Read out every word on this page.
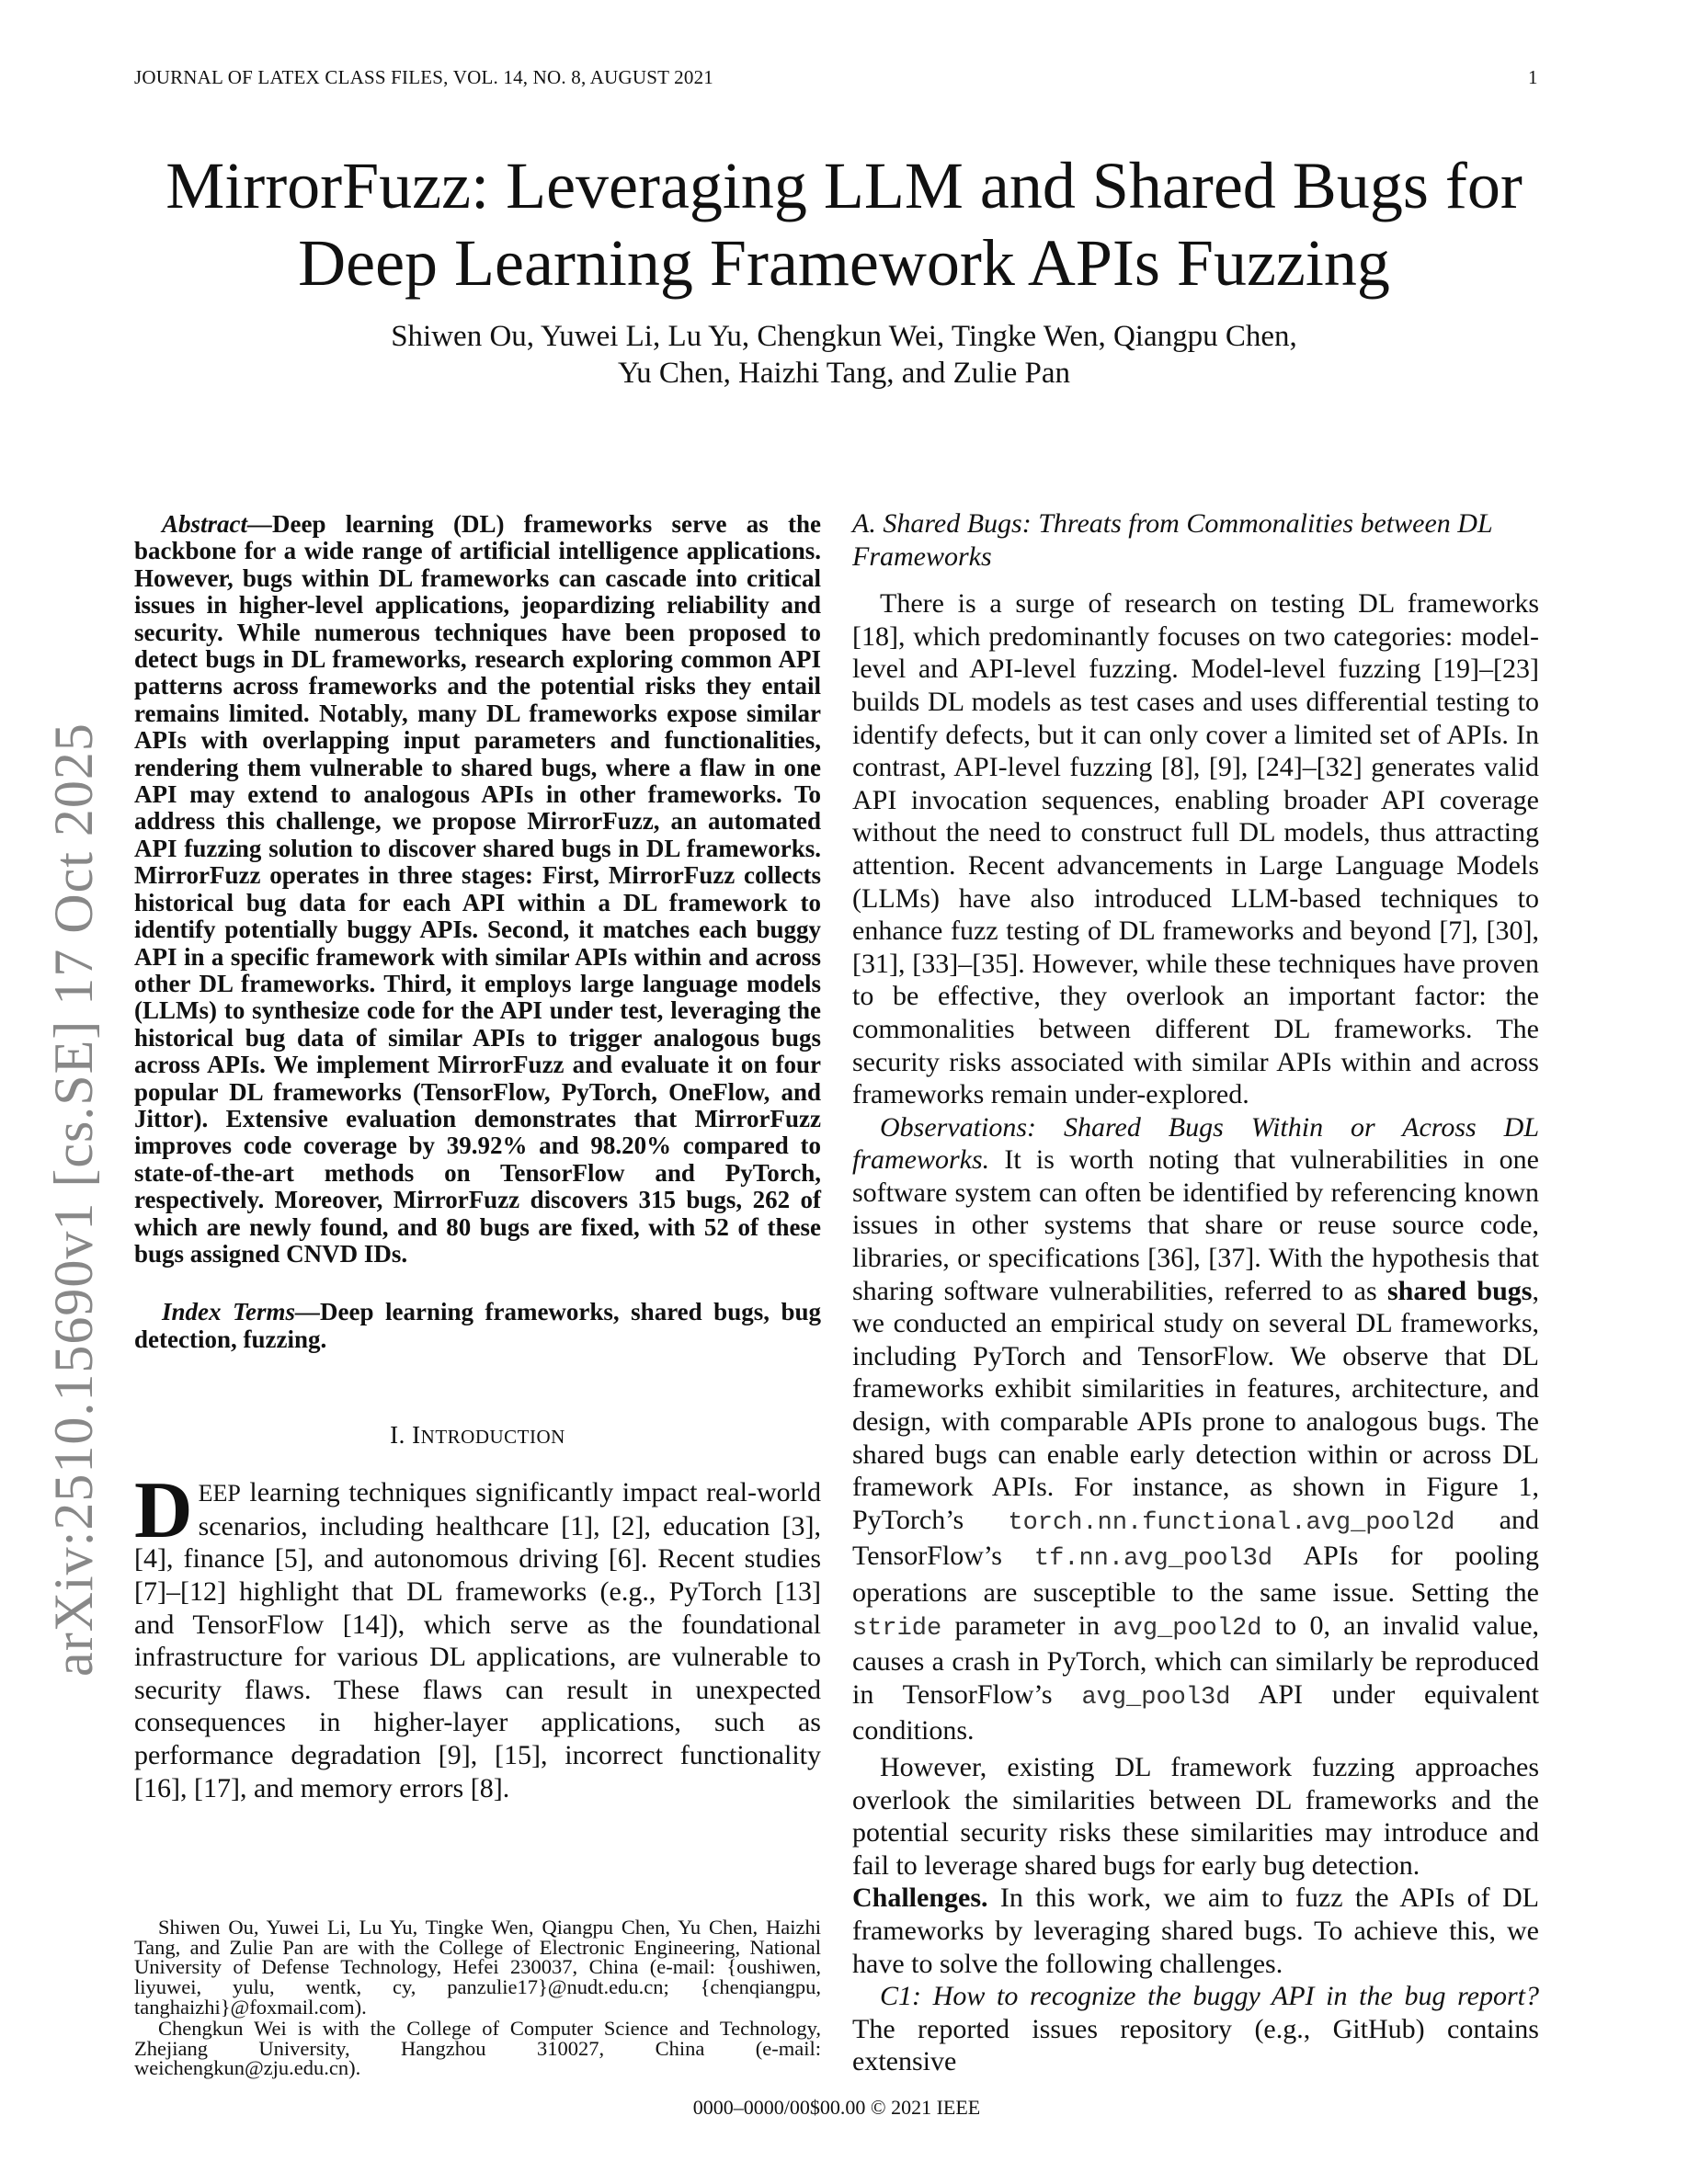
JOURNAL OF LATEX CLASS FILES, VOL. 14, NO. 8, AUGUST 2021	1
arXiv:2510.15690v1 [cs.SE] 17 Oct 2025
MirrorFuzz: Leveraging LLM and Shared Bugs for
Deep Learning Framework APIs Fuzzing
Shiwen Ou, Yuwei Li, Lu Yu, Chengkun Wei, Tingke Wen, Qiangpu Chen,
Yu Chen, Haizhi Tang, and Zulie Pan
Abstract—Deep learning (DL) frameworks serve as the backbone for a wide range of artificial intelligence applications. However, bugs within DL frameworks can cascade into critical issues in higher-level applications, jeopardizing reliability and security. While numerous techniques have been proposed to detect bugs in DL frameworks, research exploring common API patterns across frameworks and the potential risks they entail remains limited. Notably, many DL frameworks expose similar APIs with overlapping input parameters and functionalities, rendering them vulnerable to shared bugs, where a flaw in one API may extend to analogous APIs in other frameworks. To address this challenge, we propose MirrorFuzz, an automated API fuzzing solution to discover shared bugs in DL frameworks. MirrorFuzz operates in three stages: First, MirrorFuzz collects historical bug data for each API within a DL framework to identify potentially buggy APIs. Second, it matches each buggy API in a specific framework with similar APIs within and across other DL frameworks. Third, it employs large language models (LLMs) to synthesize code for the API under test, leveraging the historical bug data of similar APIs to trigger analogous bugs across APIs. We implement MirrorFuzz and evaluate it on four popular DL frameworks (TensorFlow, PyTorch, OneFlow, and Jittor). Extensive evaluation demonstrates that MirrorFuzz improves code coverage by 39.92% and 98.20% compared to state-of-the-art methods on TensorFlow and PyTorch, respectively. Moreover, MirrorFuzz discovers 315 bugs, 262 of which are newly found, and 80 bugs are fixed, with 52 of these bugs assigned CNVD IDs.
Index Terms—Deep learning frameworks, shared bugs, bug detection, fuzzing.
I. INTRODUCTION
DEEP learning techniques significantly impact real-world scenarios, including healthcare [1], [2], education [3], [4], finance [5], and autonomous driving [6]. Recent studies [7]–[12] highlight that DL frameworks (e.g., PyTorch [13] and TensorFlow [14]), which serve as the foundational infrastructure for various DL applications, are vulnerable to security flaws. These flaws can result in unexpected consequences in higher-layer applications, such as performance degradation [9], [15], incorrect functionality [16], [17], and memory errors [8].
Shiwen Ou, Yuwei Li, Lu Yu, Tingke Wen, Qiangpu Chen, Yu Chen, Haizhi Tang, and Zulie Pan are with the College of Electronic Engineering, National University of Defense Technology, Hefei 230037, China (e-mail: {oushiwen, liyuwei, yulu, wentk, cy, panzulie17}@nudt.edu.cn; {chenqiangpu, tanghaizhi}@foxmail.com).
Chengkun Wei is with the College of Computer Science and Technology, Zhejiang University, Hangzhou 310027, China (e-mail: weichengkun@zju.edu.cn).
A. Shared Bugs: Threats from Commonalities between DL Frameworks
There is a surge of research on testing DL frameworks [18], which predominantly focuses on two categories: model-level and API-level fuzzing. Model-level fuzzing [19]–[23] builds DL models as test cases and uses differential testing to identify defects, but it can only cover a limited set of APIs. In contrast, API-level fuzzing [8], [9], [24]–[32] generates valid API invocation sequences, enabling broader API coverage without the need to construct full DL models, thus attracting attention. Recent advancements in Large Language Models (LLMs) have also introduced LLM-based techniques to enhance fuzz testing of DL frameworks and beyond [7], [30], [31], [33]–[35]. However, while these techniques have proven to be effective, they overlook an important factor: the commonalities between different DL frameworks. The security risks associated with similar APIs within and across frameworks remain under-explored.
Observations: Shared Bugs Within or Across DL frameworks. It is worth noting that vulnerabilities in one software system can often be identified by referencing known issues in other systems that share or reuse source code, libraries, or specifications [36], [37]. With the hypothesis that sharing software vulnerabilities, referred to as shared bugs, we conducted an empirical study on several DL frameworks, including PyTorch and TensorFlow. We observe that DL frameworks exhibit similarities in features, architecture, and design, with comparable APIs prone to analogous bugs. The shared bugs can enable early detection within or across DL framework APIs. For instance, as shown in Figure 1, PyTorch’s torch.nn.functional.avg_pool2d and TensorFlow’s tf.nn.avg_pool3d APIs for pooling operations are susceptible to the same issue. Setting the stride parameter in avg_pool2d to 0, an invalid value, causes a crash in PyTorch, which can similarly be reproduced in TensorFlow’s avg_pool3d API under equivalent conditions.
However, existing DL framework fuzzing approaches overlook the similarities between DL frameworks and the potential security risks these similarities may introduce and fail to leverage shared bugs for early bug detection.
Challenges. In this work, we aim to fuzz the APIs of DL frameworks by leveraging shared bugs. To achieve this, we have to solve the following challenges.
C1: How to recognize the buggy API in the bug report? The reported issues repository (e.g., GitHub) contains extensive
0000–0000/00$00.00 © 2021 IEEE
